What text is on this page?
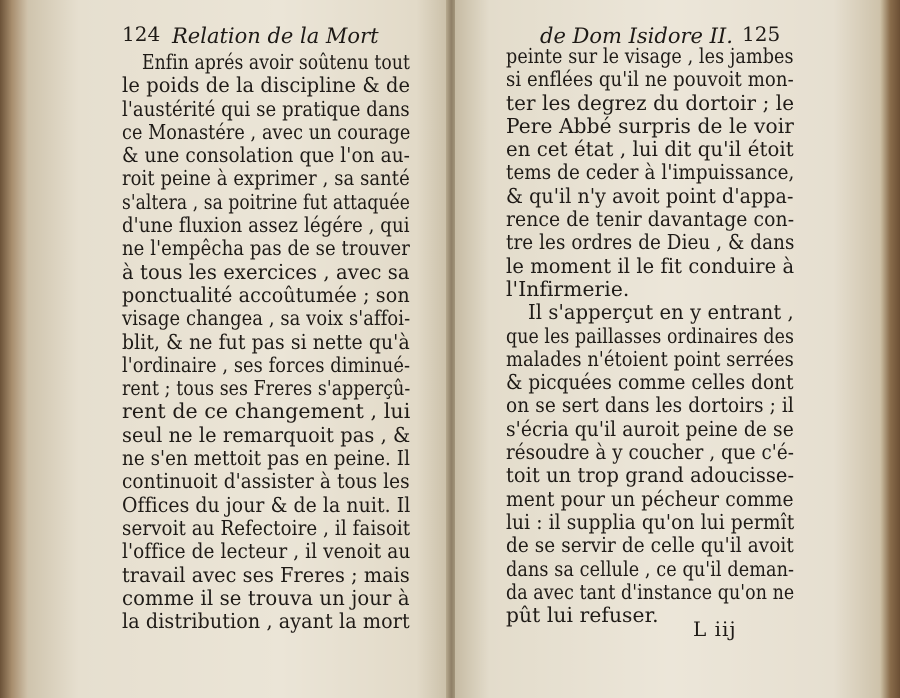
124 Relation de la Mort	de Dom Isidore II. 125
Enfin aprés avoir soûtenu tout
le poids de la discipline & de
l'austérité qui se pratique dans
ce Monastére , avec un courage
& une consolation que l'on au-
roit peine à exprimer , sa santé
s'altera , sa poitrine fut attaquée
d'une fluxion assez légére , qui
ne l'empêcha pas de se trouver
à tous les exercices , avec sa
ponctualité accoûtumée ; son
visage changea , sa voix s'affoi-
blit, & ne fut pas si nette qu'à
l'ordinaire , ses forces diminué-
rent ; tous ses Freres s'apperçû-
rent de ce changement , lui
seul ne le remarquoit pas , &
ne s'en mettoit pas en peine. Il
continuoit d'assister à tous les
Offices du jour & de la nuit. Il
servoit au Refectoire , il faisoit
l'office de lecteur , il venoit au
travail avec ses Freres ; mais
comme il se trouva un jour à
la distribution , ayant la mort
peinte sur le visage , les jambes
si enflées qu'il ne pouvoit mon-
ter les degrez du dortoir ; le
Pere Abbé surpris de le voir
en cet état , lui dit qu'il étoit
tems de ceder à l'impuissance,
& qu'il n'y avoit point d'appa-
rence de tenir davantage con-
tre les ordres de Dieu , & dans
le moment il le fit conduire à
l'Infirmerie.
Il s'apperçut en y entrant ,
que les paillasses ordinaires des
malades n'étoient point serrées
& picquées comme celles dont
on se sert dans les dortoirs ; il
s'écria qu'il auroit peine de se
résoudre à y coucher , que c'é-
toit un trop grand adoucisse-
ment pour un pécheur comme
lui : il supplia qu'on lui permît
de se servir de celle qu'il avoit
dans sa cellule , ce qu'il deman-
da avec tant d'instance qu'on ne
pût lui refuser.
L iij
